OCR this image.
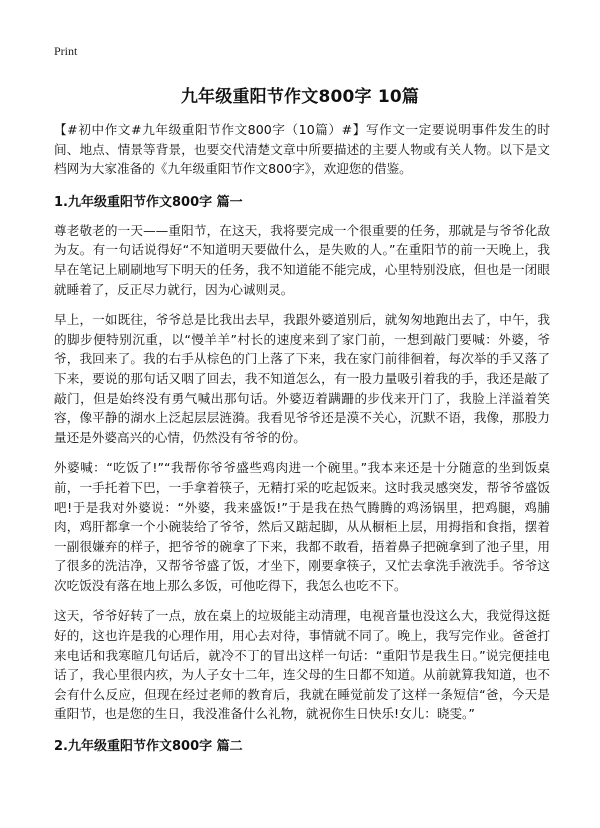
Print
九年级重阳节作文800字 10篇

【#初中作文#九年级重阳节作文800字（10篇）#】写作文一定要说明事件发生的时间、地点、情景等背景，也要交代清楚文章中所要描述的主要人物或有关人物。以下是文档网为大家准备的《九年级重阳节作文800字》，欢迎您的借鉴。

1.九年级重阳节作文800字 篇一

尊老敬老的一天——重阳节，在这天，我将要完成一个很重要的任务，那就是与爷爷化敌为友。有一句话说得好“不知道明天要做什么，是失败的人。”在重阳节的前一天晚上，我早在笔记上刷刷地写下明天的任务，我不知道能不能完成，心里特别没底，但也是一闭眼就睡着了，反正尽力就行，因为心诚则灵。

早上，一如既往，爷爷总是比我出去早，我跟外婆道别后，就匆匆地跑出去了，中午，我的脚步便特别沉重，以“慢羊羊”村长的速度来到了家门前，一想到敲门要喊：外婆，爷爷，我回来了。我的右手从棕色的门上落了下来，我在家门前徘徊着，每次举的手又落了下来，要说的那句话又咽了回去，我不知道怎么，有一股力量吸引着我的手，我还是敲了敲门，但是始终没有勇气喊出那句话。外婆迈着蹒跚的步伐来开门了，我脸上洋溢着笑容，像平静的湖水上泛起层层涟漪。我看见爷爷还是漠不关心，沉默不语，我像，那股力量还是外婆高兴的心情，仍然没有爷爷的份。

外婆喊：“吃饭了!”“我帮你爷爷盛些鸡肉进一个碗里。”我本来还是十分随意的坐到饭桌前，一手托着下巴，一手拿着筷子，无精打采的吃起饭来。这时我灵感突发，帮爷爷盛饭吧!于是我对外婆说：“外婆，我来盛饭!”于是我在热气腾腾的鸡汤锅里，把鸡腿，鸡脯肉，鸡肝都拿一个小碗装给了爷爷，然后又踮起脚，从从橱柜上层，用拇指和食指，摆着一副很嫌弃的样子，把爷爷的碗拿了下来，我都不敢看，捂着鼻子把碗拿到了池子里，用了很多的洗洁净，又帮爷爷盛了饭，才坐下，刚要拿筷子，又忙去拿洗手液洗手。爷爷这次吃饭没有落在地上那么多饭，可他吃得下，我怎么也吃不下。

这天，爷爷好转了一点，放在桌上的垃圾能主动清理，电视音量也没这么大，我觉得这挺好的，这也许是我的心理作用，用心去对待，事情就不同了。晚上，我写完作业。爸爸打来电话和我寒暄几句话后，就冷不丁的冒出这样一句话：“重阳节是我生日。”说完便挂电话了，我心里很内疚，为人子女十二年，连父母的生日都不知道。从前就算我知道，也不会有什么反应，但现在经过老师的教育后，我就在睡觉前发了这样一条短信“爸，今天是重阳节，也是您的生日，我没准备什么礼物，就祝你生日快乐!女儿：晓雯。”

2.九年级重阳节作文800字 篇二
